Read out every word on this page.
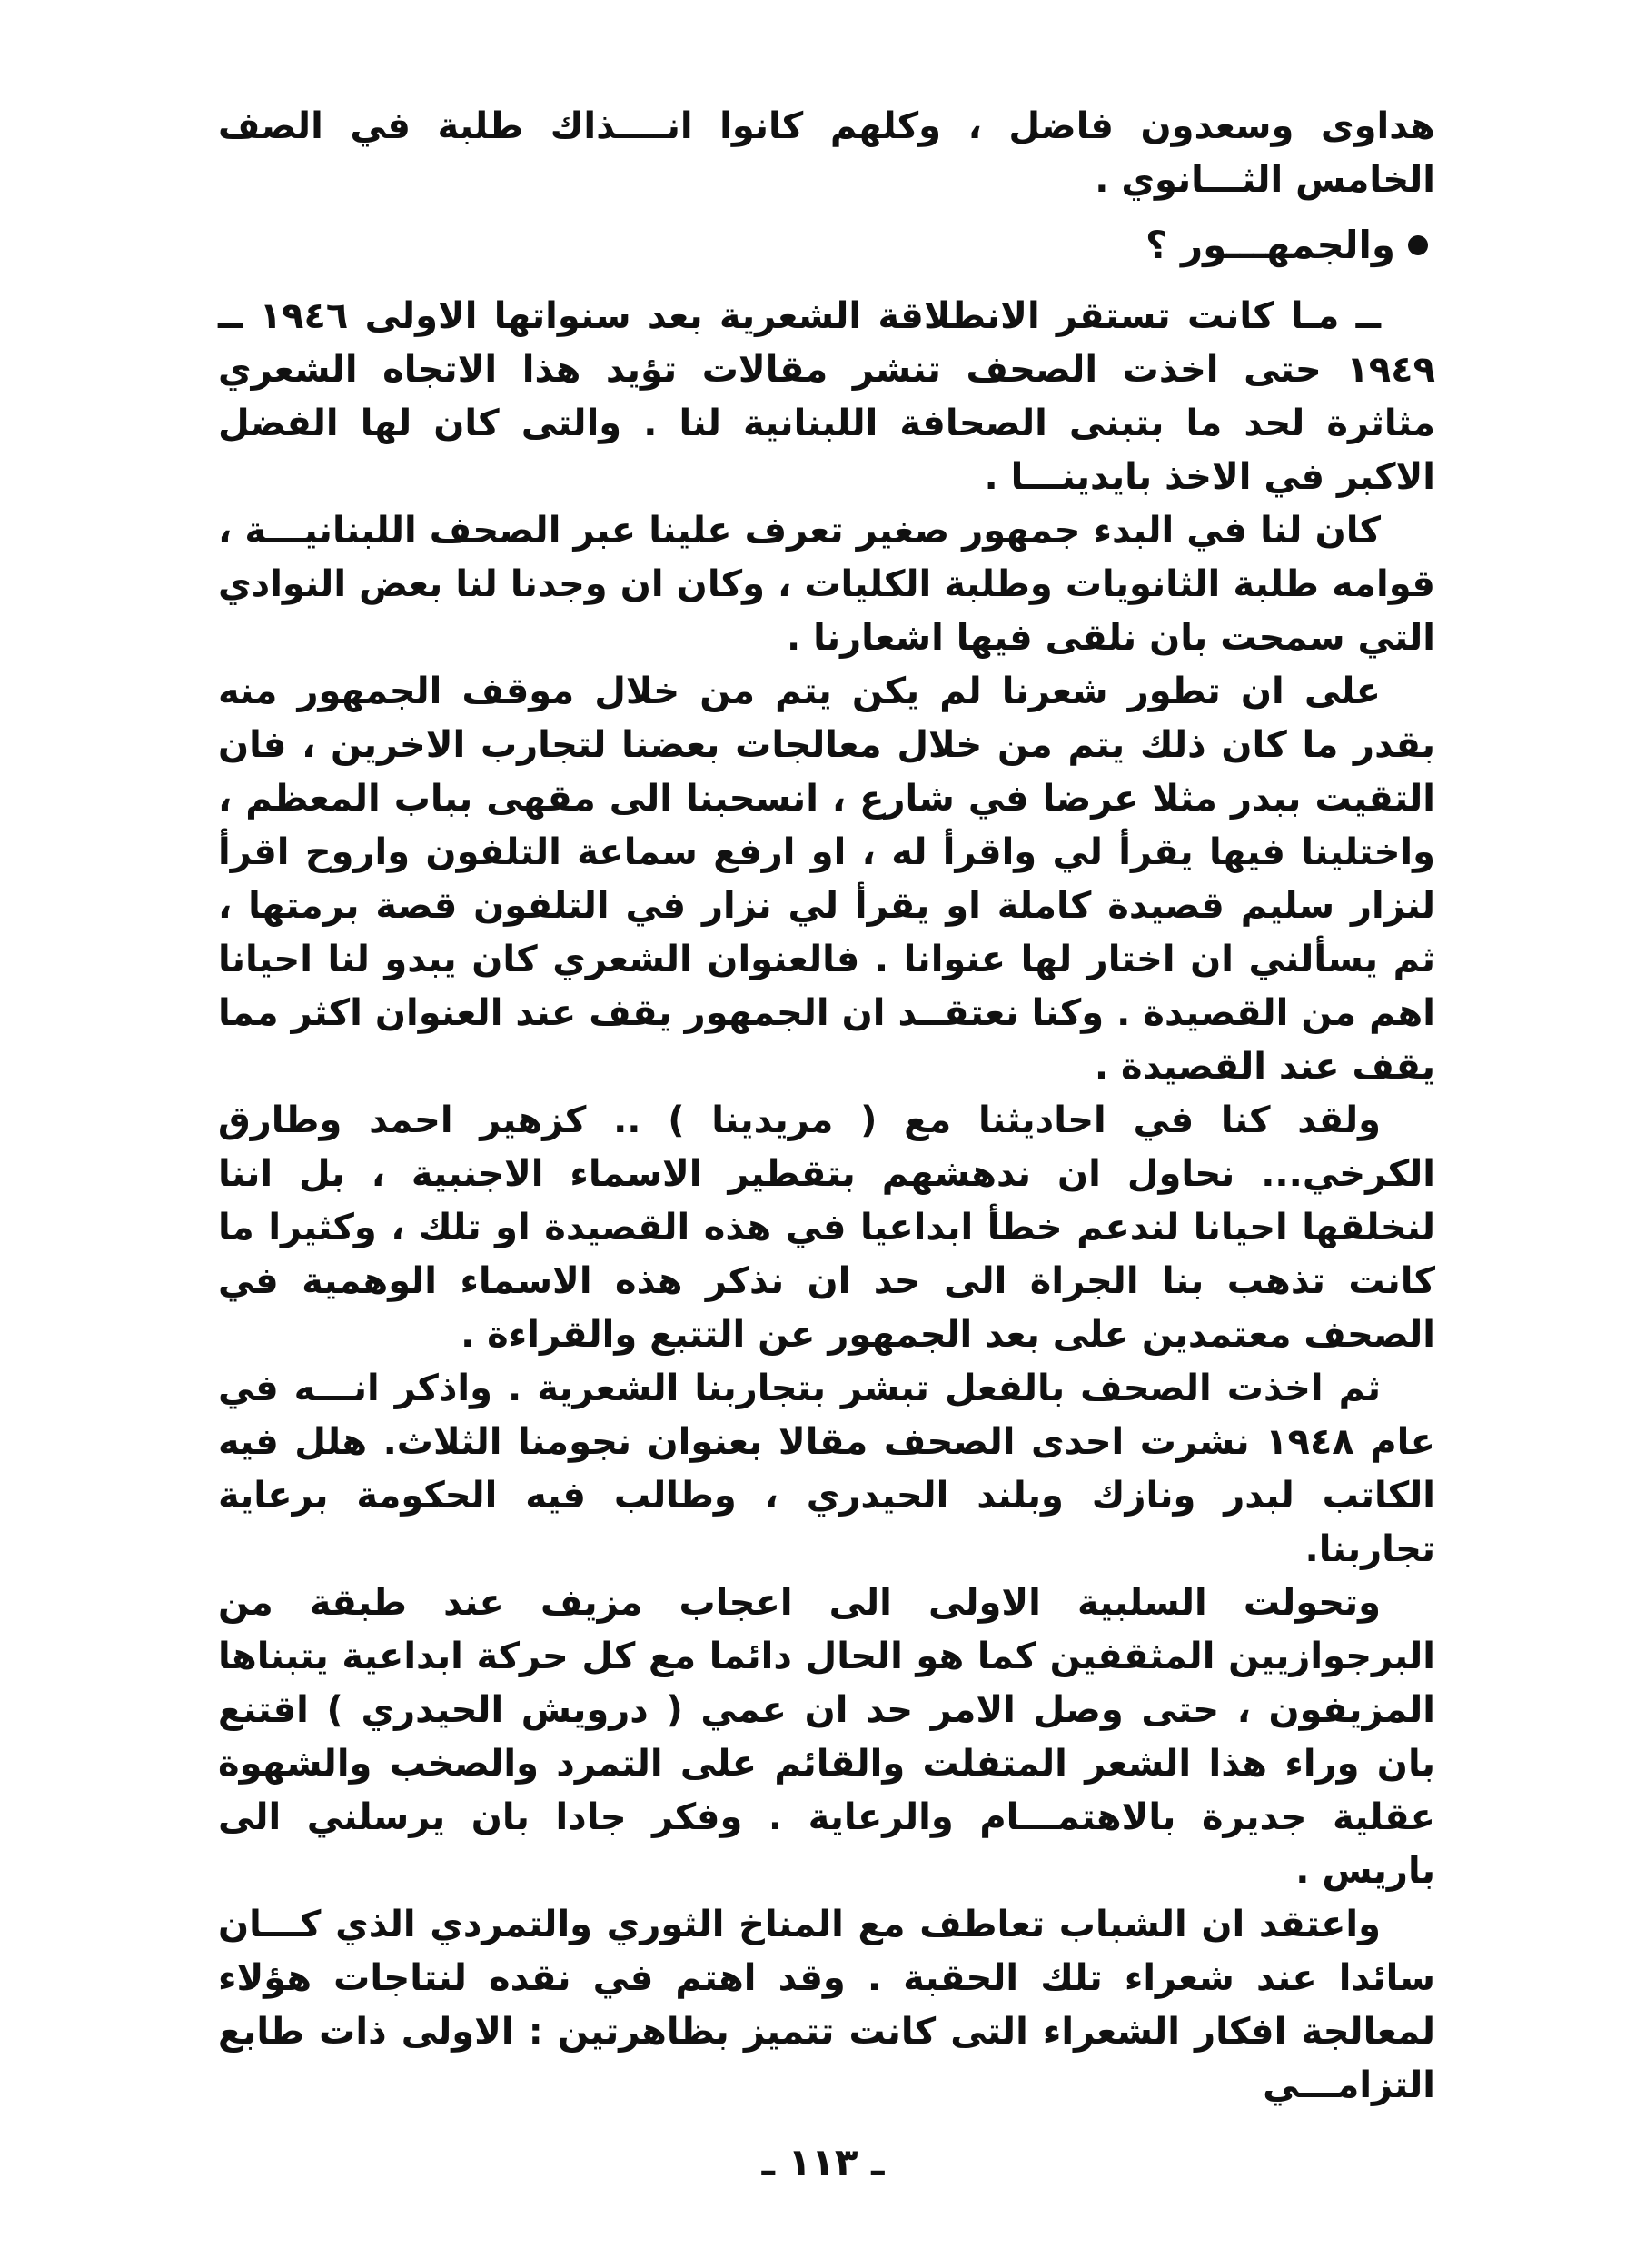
هداوى وسعدون فاضل ، وكلهم كانوا انــــذاك طلبة في الصف الخامس الثـــانوي .

والجمهـــور ؟

ــ مـا كانت تستقر الانطلاقة الشعرية بعد سنواتها الاولى ١٩٤٦ ــ ١٩٤٩ حتى اخذت الصحف تنشر مقالات تؤيد هذا الاتجاه الشعري مثاثرة لحد ما بتبنى الصحافة اللبنانية لنا . والتى كان لها الفضل الاكبر في الاخذ بايدينـــا .

كان لنا في البدء جمهور صغير تعرف علينا عبر الصحف اللبنانيـــة ، قوامه طلبة الثانويات وطلبة الكليات ، وكان ان وجدنا لنا بعض النوادي التي سمحت بان نلقى فيها اشعارنا .

على ان تطور شعرنا لم يكن يتم من خلال موقف الجمهور منه بقدر ما كان ذلك يتم من خلال معالجات بعضنا لتجارب الاخرين ، فان التقيت ببدر مثلا عرضا في شارع ، انسحبنا الى مقهى بباب المعظم ، واختلينا فيها يقرأ لي واقرأ له ، او ارفع سماعة التلفون واروح اقرأ لنزار سليم قصيدة كاملة او يقرأ لي نزار في التلفون قصة برمتها ، ثم يسألني ان اختار لها عنوانا . فالعنوان الشعري كان يبدو لنا احيانا اهم من القصيدة . وكنا نعتقــد ان الجمهور يقف عند العنوان اكثر مما يقف عند القصيدة .

ولقد كنا في احاديثنا مع ( مريدينا ) .. كزهير احمد وطارق الكرخي... نحاول ان ندهشهم بتقطير الاسماء الاجنبية ، بل اننا لنخلقها احيانا لندعم خطأ ابداعيا في هذه القصيدة او تلك ، وكثيرا ما كانت تذهب بنا الجراة الى حد ان نذكر هذه الاسماء الوهمية في الصحف معتمدين على بعد الجمهور عن التتبع والقراءة .

ثم اخذت الصحف بالفعل تبشر بتجاربنا الشعرية . واذكر انـــه في عام ١٩٤٨ نشرت احدى الصحف مقالا بعنوان نجومنا الثلاث. هلل فيه الكاتب لبدر ونازك وبلند الحيدري ، وطالب فيه الحكومة برعاية تجاربنا.

وتحولت السلبية الاولى الى اعجاب مزيف عند طبقة من البرجوازيين المثقفين كما هو الحال دائما مع كل حركة ابداعية يتبناها المزيفون ، حتى وصل الامر حد ان عمي ( درويش الحيدري ) اقتنع بان وراء هذا الشعر المتفلت والقائم على التمرد والصخب والشهوة عقلية جديرة بالاهتمـــام والرعاية . وفكر جادا بان يرسلني الى باريس .

واعتقد ان الشباب تعاطف مع المناخ الثوري والتمردي الذي كـــان سائدا عند شعراء تلك الحقبة . وقد اهتم في نقده لنتاجات هؤلاء لمعالجة افكار الشعراء التى كانت تتميز بظاهرتين : الاولى ذات طابع التزامـــي

ـ ١١٣ ـ
